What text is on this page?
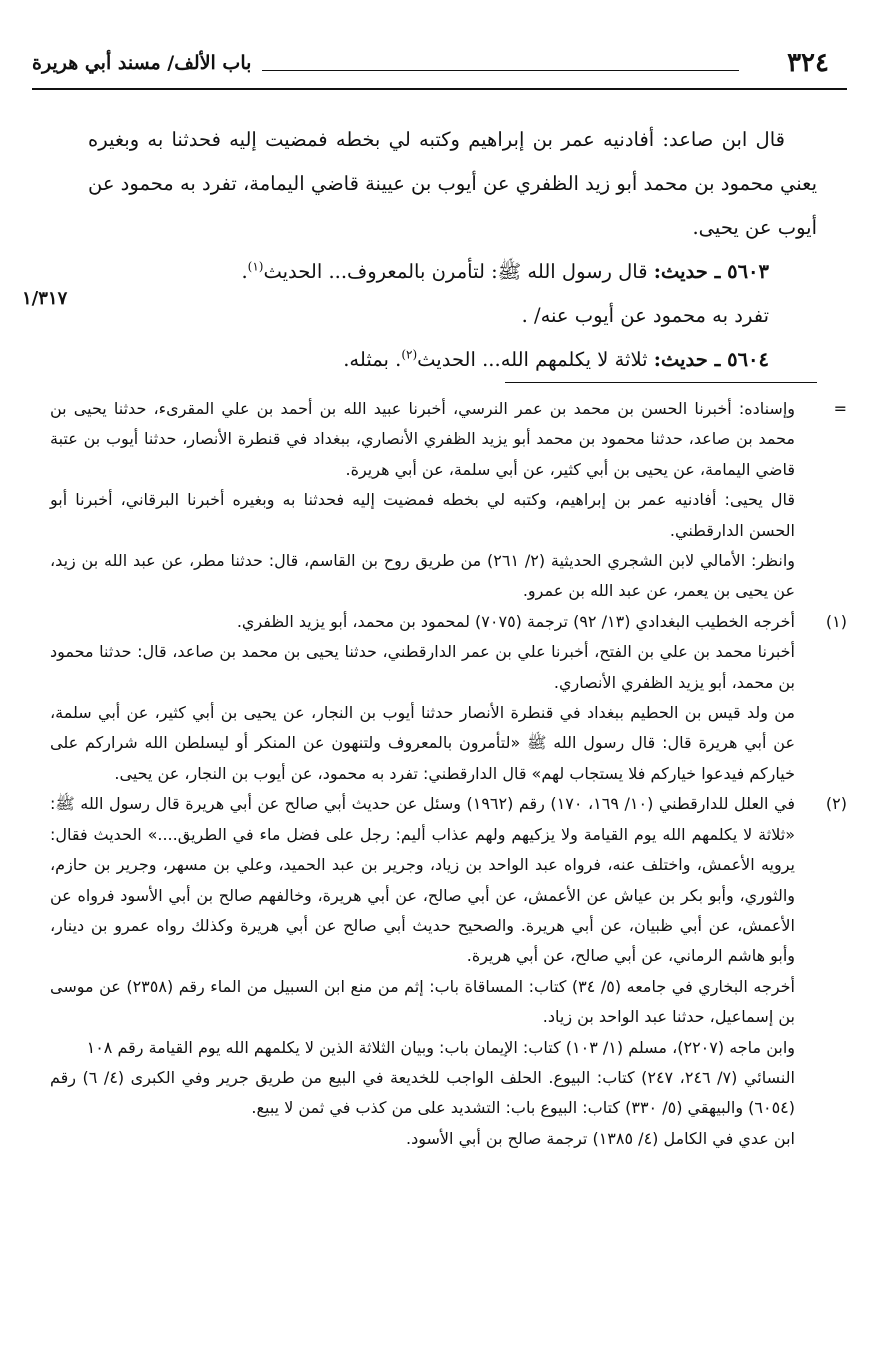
٣٢٤
باب الألف/ مسند أبي هريرة

قال ابن صاعد: أفادنيه عمر بن إبراهيم وكتبه لي بخطه فمضيت إليه فحدثنا به وبغيره يعني محمود بن محمد أبو زيد الظفري عن أيوب بن عيينة قاضي اليمامة، تفرد به محمود عن أيوب عن يحيى.

٥٦٠٣ ـ حديث: قال رسول الله ﷺ: لتأمرن بالمعروف... الحديث$^{(١)}$.

تفرد به محمود عن أيوب عنه/ .

٥٦٠٤ ـ حديث: ثلاثة لا يكلمهم الله... الحديث$^{(٢)}$. بمثله.

١/٣١٧
=

وإسناده: أخبرنا الحسن بن محمد بن عمر النرسي، أخبرنا عبيد الله بن أحمد بن علي المقرىء، حدثنا يحيى بن محمد بن صاعد، حدثنا محمود بن محمد أبو يزيد الظفري الأنصاري، ببغداد في قنطرة الأنصار، حدثنا أيوب بن عتبة قاضي اليمامة، عن يحيى بن أبي كثير، عن أبي سلمة، عن أبي هريرة.

قال يحيى: أفادنيه عمر بن إبراهيم، وكتبه لي بخطه فمضيت إليه فحدثنا به وبغيره أخبرنا البرقاني، أخبرنا أبو الحسن الدارقطني.

وانظر: الأمالي لابن الشجري الحديثية (٢/ ٢٦١) من طريق روح بن القاسم، قال: حدثنا مطر، عن عبد الله بن زيد، عن يحيى بن يعمر، عن عبد الله بن عمرو.

(١)

أخرجه الخطيب البغدادي (١٣/ ٩٢) ترجمة (٧٠٧٥) لمحمود بن محمد، أبو يزيد الظفري.

أخبرنا محمد بن علي بن الفتح، أخبرنا علي بن عمر الدارقطني، حدثنا يحيى بن محمد بن صاعد، قال: حدثنا محمود بن محمد، أبو يزيد الظفري الأنصاري.

من ولد قيس بن الحطيم ببغداد في قنطرة الأنصار حدثنا أيوب بن النجار، عن يحيى بن أبي كثير، عن أبي سلمة، عن أبي هريرة قال: قال رسول الله ﷺ «لتأمرون بالمعروف ولتنهون عن المنكر أو ليسلطن الله شراركم على خياركم فيدعوا خياركم فلا يستجاب لهم» قال الدارقطني: تفرد به محمود، عن أيوب بن النجار، عن يحيى.

(٢)

في العلل للدارقطني (١٠/ ١٦٩، ١٧٠) رقم (١٩٦٢) وسئل عن حديث أبي صالح عن أبي هريرة قال رسول الله ﷺ: «ثلاثة لا يكلمهم الله يوم القيامة ولا يزكيهم ولهم عذاب أليم: رجل على فضل ماء في الطريق....» الحديث فقال: يرويه الأعمش، واختلف عنه، فرواه عبد الواحد بن زياد، وجرير بن عبد الحميد، وعلي بن مسهر، وجرير بن حازم، والثوري، وأبو بكر بن عياش عن الأعمش، عن أبي صالح، عن أبي هريرة، وخالفهم صالح بن أبي الأسود فرواه عن الأعمش، عن أبي ظبيان، عن أبي هريرة. والصحيح حديث أبي صالح عن أبي هريرة وكذلك رواه عمرو بن دينار، وأبو هاشم الرماني، عن أبي صالح، عن أبي هريرة.

أخرجه البخاري في جامعه (٥/ ٣٤) كتاب: المساقاة باب: إثم من منع ابن السبيل من الماء رقم (٢٣٥٨) عن موسى بن إسماعيل، حدثنا عبد الواحد بن زياد.

وابن ماجه (٢٢٠٧)، مسلم (١/ ١٠٣) كتاب: الإيمان باب: وبيان الثلاثة الذين لا يكلمهم الله يوم القيامة رقم ١٠٨

النسائي (٧/ ٢٤٦، ٢٤٧) كتاب: البيوع. الحلف الواجب للخديعة في البيع من طريق جرير وفي الكبرى (٤/ ٦) رقم (٦٠٥٤) والبيهقي (٥/ ٣٣٠) كتاب: البيوع باب: التشديد على من كذب في ثمن لا يبيع.

ابن عدي في الكامل (٤/ ١٣٨٥) ترجمة صالح بن أبي الأسود.
